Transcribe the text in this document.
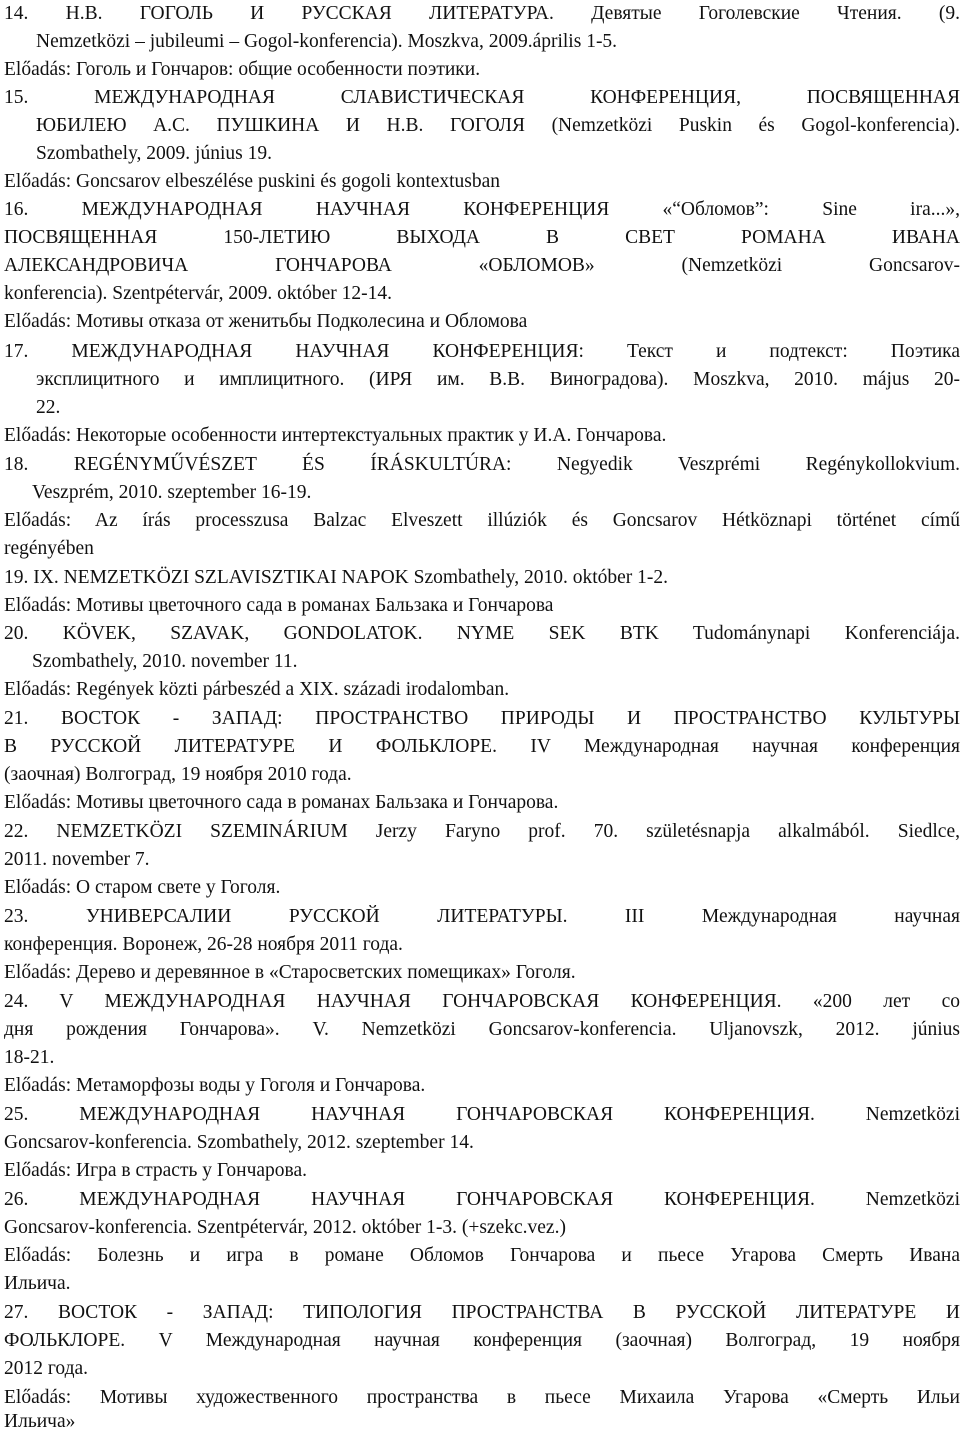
14. Н.В. ГОГОЛЬ И РУССКАЯ ЛИТЕРАТУРА. Девятые Гоголевские Чтения. (9.
Nemzetközi – jubileumi – Gogol-konferencia). Moszkva, 2009.április 1-5.
Előadás: Гоголь и Гончаров: общие особенности поэтики.
15. МЕЖДУНАРОДНАЯ СЛАВИСТИЧЕСКАЯ КОНФЕРЕНЦИЯ, ПОСВЯЩЕННАЯ
ЮБИЛЕЮ А.С. ПУШКИНА И Н.В. ГОГОЛЯ (Nemzetközi Puskin és Gogol-konferencia).
Szombathely, 2009. június 19.
Előadás: Goncsarov elbeszélése puskini és gogoli kontextusban
16. МЕЖДУНАРОДНАЯ НАУЧНАЯ КОНФЕРЕНЦИЯ «“Обломов”: Sine ira...»,
ПОСВЯЩЕННАЯ 150-ЛЕТИЮ ВЫХОДА В СВЕТ РОМАНА ИВАНА
АЛЕКСАНДРОВИЧА ГОНЧАРОВА «ОБЛОМОВ» (Nemzetközi Goncsarov-
konferencia). Szentpétervár, 2009. október 12-14.
Előadás: Мотивы отказа от женитьбы Подколесина и Обломова
17. МЕЖДУНАРОДНАЯ НАУЧНАЯ КОНФЕРЕНЦИЯ: Текст и подтекст: Поэтика
эксплицитного и имплицитного. (ИРЯ им. В.В. Виноградова). Moszkva, 2010. május 20-
22.
Előadás: Некоторые особенности интертекстуальных практик у И.А. Гончарова.
18. REGÉNYMŰVÉSZET ÉS ÍRÁSKULTÚRA: Negyedik Veszprémi Regénykollokvium.
Veszprém, 2010. szeptember 16-19.
Előadás: Az írás processzusa Balzac Elveszett illúziók és Goncsarov Hétköznapi történet című
regényében
19. IX. NEMZETKÖZI SZLAVISZTIKAI NAPOK Szombathely, 2010. október 1-2.
Előadás: Мотивы цветочного сада в романах Бальзака и Гончарова
20. KÖVEK, SZAVAK, GONDOLATOK. NYME SEK BTK Tudománynapi Konferenciája.
Szombathely, 2010. november 11.
Előadás: Regények közti párbeszéd a XIX. századi irodalomban.
21. ВОСТОК - ЗАПАД: ПРОСТРАНСТВО ПРИРОДЫ И ПРОСТРАНСТВО КУЛЬТУРЫ
В РУССКОЙ ЛИТЕРАТУРЕ И ФОЛЬКЛОРЕ. IV Международная научная конференция
(заочная) Волгоград, 19 ноября 2010 года.
Előadás: Мотивы цветочного сада в романах Бальзака и Гончарова.
22. NEMZETKÖZI SZEMINÁRIUM Jerzy Faryno prof. 70. születésnapja alkalmából. Siedlce,
2011. november 7.
Előadás: О старом свете у Гоголя.
23. УНИВЕРСАЛИИ РУССКОЙ ЛИТЕРАТУРЫ. III Международная научная
конференция. Воронеж, 26-28 ноября 2011 года.
Előadás: Дерево и деревянное в «Старосветских помещиках» Гоголя.
24. V МЕЖДУНАРОДНАЯ НАУЧНАЯ ГОНЧАРОВСКАЯ КОНФЕРЕНЦИЯ. «200 лет со
дня рождения Гончарова». V. Nemzetközi Goncsarov-konferencia. Uljanovszk, 2012. június
18-21.
Előadás: Метаморфозы воды у Гоголя и Гончарова.
25. МЕЖДУНАРОДНАЯ НАУЧНАЯ ГОНЧАРОВСКАЯ КОНФЕРЕНЦИЯ. Nemzetközi
Goncsarov-konferencia. Szombathely, 2012. szeptember 14.
Előadás: Игра в страсть у Гончарова.
26. МЕЖДУНАРОДНАЯ НАУЧНАЯ ГОНЧАРОВСКАЯ КОНФЕРЕНЦИЯ. Nemzetközi
Goncsarov-konferencia. Szentpétervár, 2012. október 1-3. (+szekc.vez.)
Előadás: Болезнь и игра в романе Обломов Гончарова и пьесе Угарова Смерть Ивана
Ильича.
27. ВОСТОК - ЗАПАД: ТИПОЛОГИЯ ПРОСТРАНСТВА В РУССКОЙ ЛИТЕРАТУРЕ И
ФОЛЬКЛОРЕ. V Международная научная конференция (заочная) Волгоград, 19 ноября
2012 года.
Előadás: Мотивы художественного пространства в пьесе Михаила Угарова «Смерть Ильи
Ильича»
